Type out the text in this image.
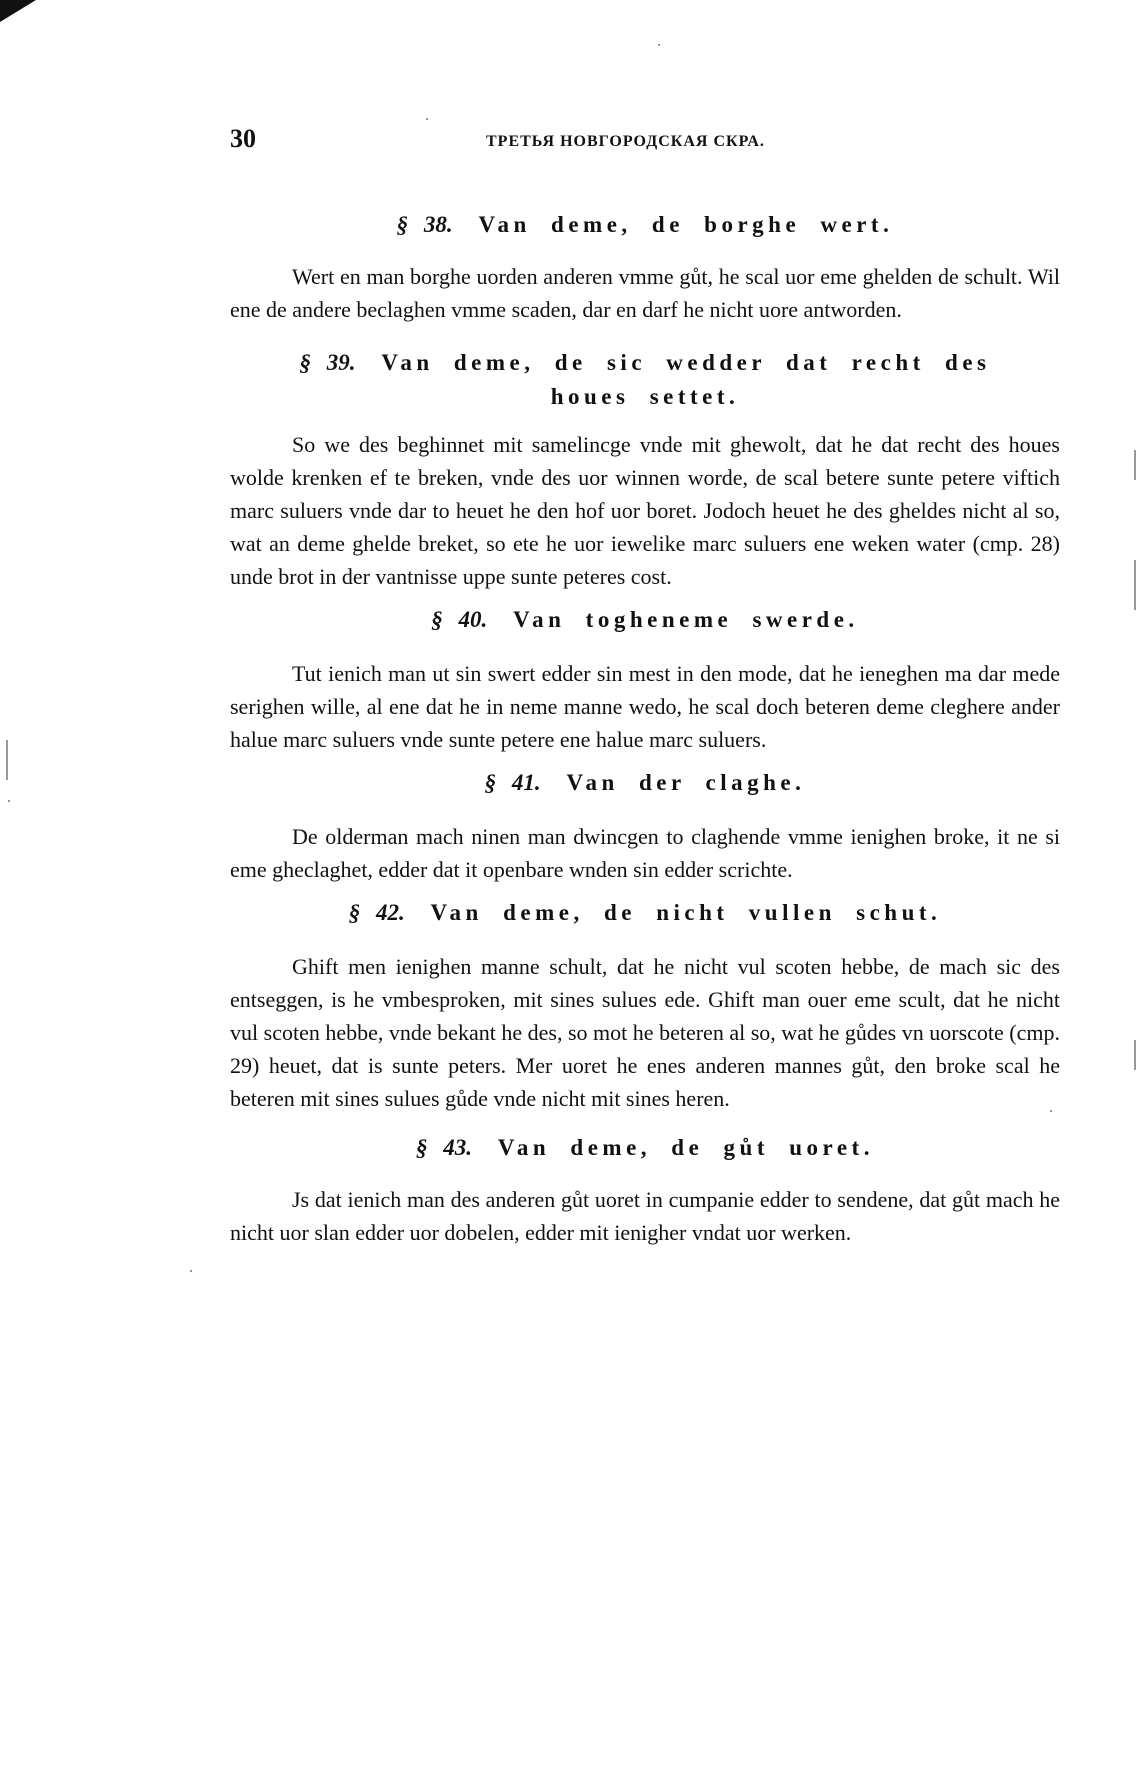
30	ТРЕТЬЯ НОВГОРОДСКАЯ СКРА.
§ 38. Van deme, de borghe wert.

Wert en man borghe uorden anderen vmme gůt, he scal uor eme ghelden de schult. Wil ene de andere beclaghen vmme scaden, dar en darf he nicht uore antworden.

§ 39. Van deme, de sic wedder dat recht des houes settet.

So we des beghinnet mit samelincge vnde mit ghewolt, dat he dat recht des houes wolde krenken ef te breken, vnde des uor winnen worde, de scal betere sunte petere viftich marc suluers vnde dar to heuet he den hof uor boret. Jodoch heuet he des gheldes nicht al so, wat an deme ghelde breket, so ete he uor iewelike marc suluers ene weken water (cmp. 28) unde brot in der vantnisse uppe sunte peteres cost.

§ 40. Van togheneme swerde.

Tut ienich man ut sin swert edder sin mest in den mode, dat he ieneghen ma dar mede serighen wille, al ene dat he in neme manne wedo, he scal doch beteren deme cleghere ander halue marc suluers vnde sunte petere ene halue marc suluers.

§ 41. Van der claghe.

De olderman mach ninen man dwincgen to claghende vmme ienighen broke, it ne si eme gheclaghet, edder dat it openbare wnden sin edder scrichte.

§ 42. Van deme, de nicht vullen schut.

Ghift men ienighen manne schult, dat he nicht vul scoten hebbe, de mach sic des entseggen, is he vmbesproken, mit sines sulues ede. Ghift man ouer eme scult, dat he nicht vul scoten hebbe, vnde bekant he des, so mot he beteren al so, wat he gůdes vn uorscote (cmp. 29) heuet, dat is sunte peters. Mer uoret he enes anderen mannes gůt, den broke scal he beteren mit sines sulues gůde vnde nicht mit sines heren.

§ 43. Van deme, de gůt uoret.

Js dat ienich man des anderen gůt uoret in cumpanie edder to sendene, dat gůt mach he nicht uor slan edder uor dobelen, edder mit ienigher vndat uor werken.
